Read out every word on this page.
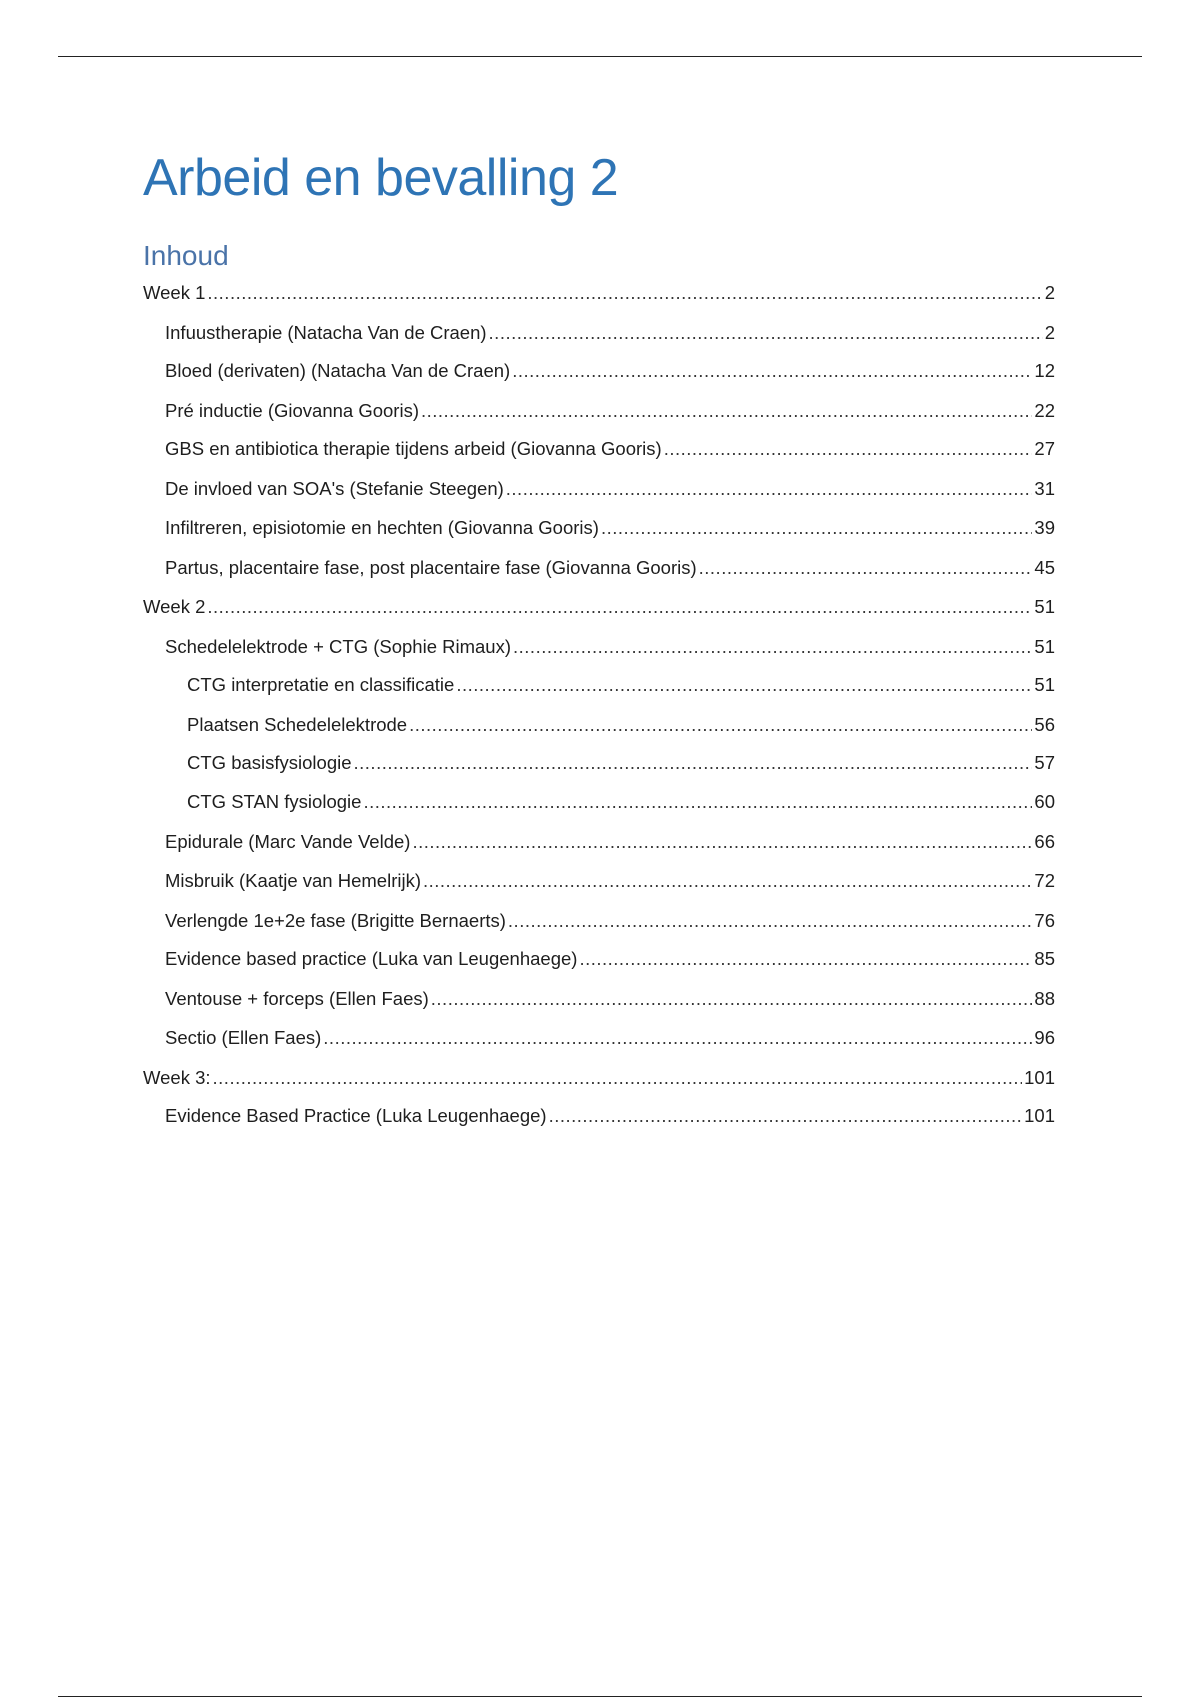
Arbeid en bevalling 2
Inhoud
Week 1 .....	2
Infuustherapie (Natacha Van de Craen) .....	2
Bloed (derivaten) (Natacha Van de Craen) .....	12
Pré inductie (Giovanna Gooris) .....	22
GBS en antibiotica therapie tijdens arbeid (Giovanna Gooris) .....	27
De invloed van SOA's (Stefanie Steegen) .....	31
Infiltreren, episiotomie en hechten (Giovanna Gooris) .....	39
Partus, placentaire fase, post placentaire fase (Giovanna Gooris) .....	45
Week 2 .....	51
Schedelelektrode + CTG (Sophie Rimaux) .....	51
CTG interpretatie en classificatie .....	51
Plaatsen Schedelelektrode .....	56
CTG basisfysiologie .....	57
CTG STAN fysiologie .....	60
Epidurale (Marc Vande Velde) .....	66
Misbruik (Kaatje van Hemelrijk) .....	72
Verlengde 1e+2e fase (Brigitte Bernaerts) .....	76
Evidence based practice (Luka van Leugenhaege) .....	85
Ventouse + forceps (Ellen Faes) .....	88
Sectio (Ellen Faes) .....	96
Week 3: .....	101
Evidence Based Practice (Luka Leugenhaege) .....	101
